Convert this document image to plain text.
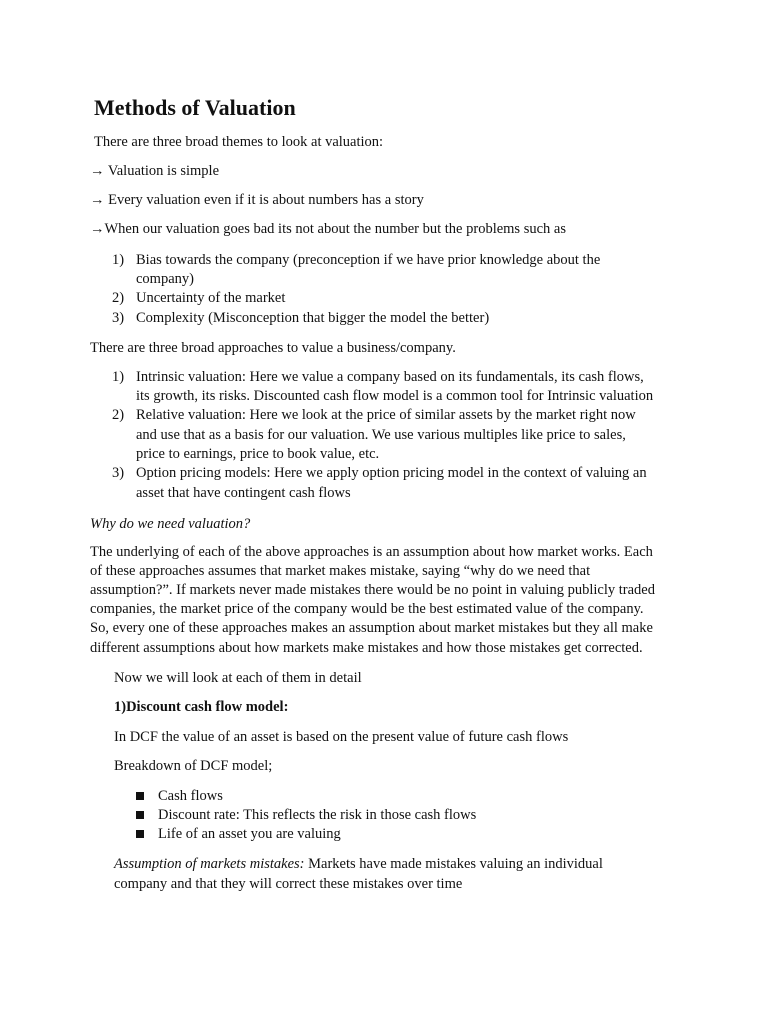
Methods of Valuation
There are three broad themes to look at valuation:
→ Valuation is simple
→ Every valuation even if it is about numbers has a story
→When our valuation goes bad its not about the number but the problems such as
1) Bias towards the company (preconception if we have prior knowledge about the
company)
2) Uncertainty of the market
3) Complexity (Misconception that bigger the model the better)
There are three broad approaches to value a business/company.
1) Intrinsic valuation: Here we value a company based on its fundamentals, its cash flows,
its growth, its risks. Discounted cash flow model is a common tool for Intrinsic valuation
2) Relative valuation: Here we look at the price of similar assets by the market right now
and use that as a basis for our valuation. We use various multiples like price to sales,
price to earnings, price to book value, etc.
3) Option pricing models: Here we apply option pricing model in the context of valuing an
asset that have contingent cash flows
Why do we need valuation?
The underlying of each of the above approaches is an assumption about how market works. Each
of these approaches assumes that market makes mistake, saying “why do we need that
assumption?”. If markets never made mistakes there would be no point in valuing publicly traded
companies, the market price of the company would be the best estimated value of the company.
So, every one of these approaches makes an assumption about market mistakes but they all make
different assumptions about how markets make mistakes and how those mistakes get corrected.
Now we will look at each of them in detail
1)Discount cash flow model:
In DCF the value of an asset is based on the present value of future cash flows
Breakdown of DCF model;
Cash flows
Discount rate: This reflects the risk in those cash flows
Life of an asset you are valuing
Assumption of markets mistakes: Markets have made mistakes valuing an individual
company and that they will correct these mistakes over time
